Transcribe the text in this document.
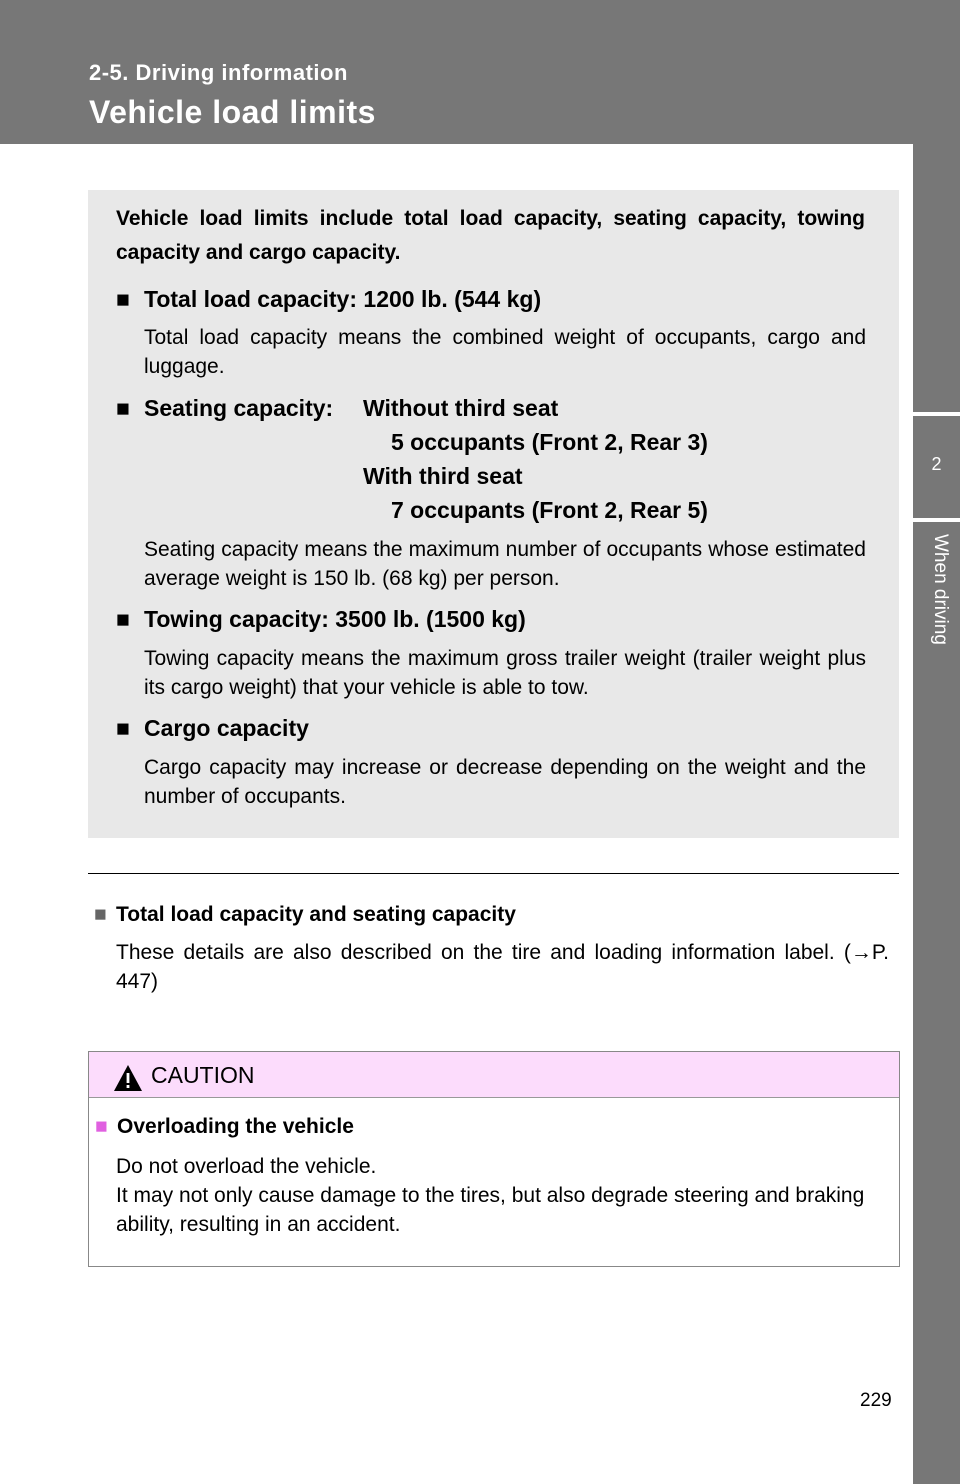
2-5. Driving information
Vehicle load limits
2
When driving
Vehicle load limits include total load capacity, seating capacity, towing capacity and cargo capacity.
■ Total load capacity: 1200 lb. (544 kg)
Total load capacity means the combined weight of occupants, cargo and luggage.
■ Seating capacity: Without third seat
5 occupants (Front 2, Rear 3)
With third seat
7 occupants (Front 2, Rear 5)
Seating capacity means the maximum number of occupants whose estimated average weight is 150 lb. (68 kg) per person.
■ Towing capacity: 3500 lb. (1500 kg)
Towing capacity means the maximum gross trailer weight (trailer weight plus its cargo weight) that your vehicle is able to tow.
■ Cargo capacity
Cargo capacity may increase or decrease depending on the weight and the number of occupants.
■ Total load capacity and seating capacity
These details are also described on the tire and loading information label. (→P. 447)
CAUTION
■ Overloading the vehicle
Do not overload the vehicle.
It may not only cause damage to the tires, but also degrade steering and braking ability, resulting in an accident.
229
